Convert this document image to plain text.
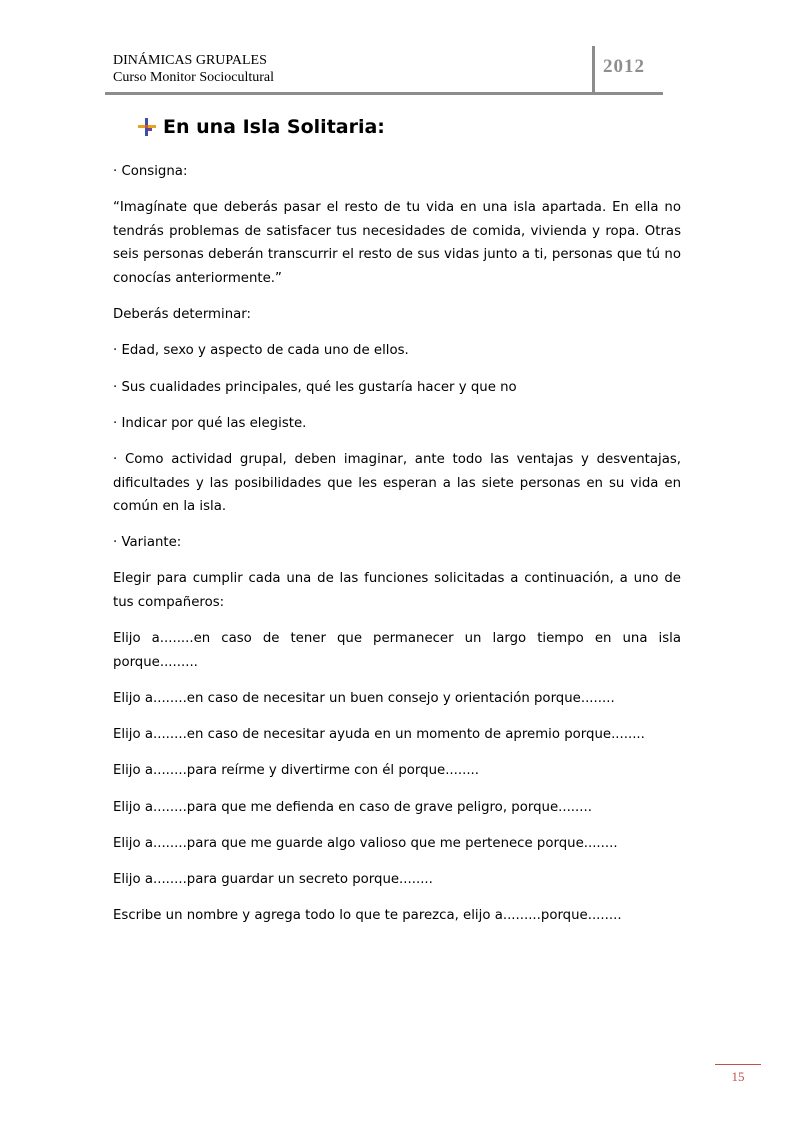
DINÁMICAS GRUPALES
Curso Monitor Sociocultural
2012
En una Isla Solitaria:

· Consigna:

“Imagínate que deberás pasar el resto de tu vida en una isla apartada. En ella no tendrás problemas de satisfacer tus necesidades de comida, vivienda y ropa. Otras seis personas deberán transcurrir el resto de sus vidas junto a ti, personas que tú no conocías anteriormente.”

Deberás determinar:

· Edad, sexo y aspecto de cada uno de ellos.

· Sus cualidades principales, qué les gustaría hacer y que no

· Indicar por qué las elegiste.

· Como actividad grupal, deben imaginar, ante todo las ventajas y desventajas, dificultades y las posibilidades que les esperan a las siete personas en su vida en común en la isla.

· Variante:

Elegir para cumplir cada una de las funciones solicitadas a continuación, a uno de tus compañeros:

Elijo a........en caso de tener que permanecer un largo tiempo en una isla porque.........

Elijo a........en caso de necesitar un buen consejo y orientación porque........

Elijo a........en caso de necesitar ayuda en un momento de apremio porque........

Elijo a........para reírme y divertirme con él porque........

Elijo a........para que me defienda en caso de grave peligro, porque........

Elijo a........para que me guarde algo valioso que me pertenece porque........

Elijo a........para guardar un secreto porque........

Escribe un nombre y agrega todo lo que te parezca, elijo a.........porque........

15
